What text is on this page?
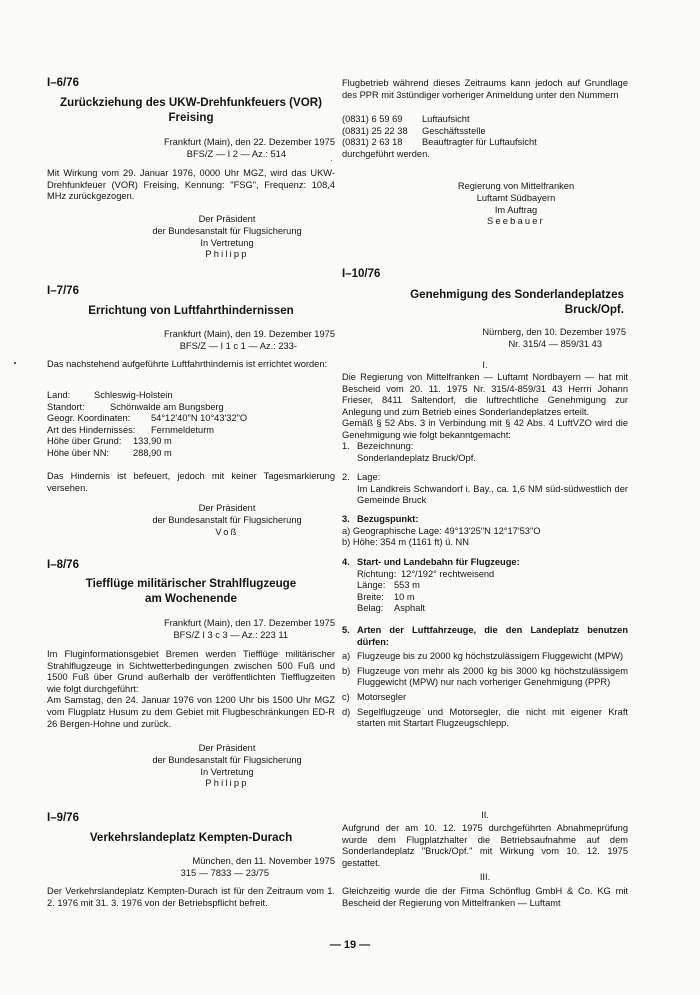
·
I–6/76
Zurückziehung des UKW-Drehfunkfeuers (VOR)
Freising
Frankfurt (Main), den 22. Dezember 1975
BFS/Z — I 2 — Az.: 514

Mit Wirkung vom 29. Januar 1976, 0000 Uhr MGZ, wird das UKW-Drehfunkfeuer (VOR) Freising, Kennung: "FSG", Frequenz: 108,4 MHz zurückgezogen.

Der Präsident
der Bundesanstalt für Flugsicherung
In Vertretung
Philipp
I–7/76
Errichtung von Luftfahrthindernissen
Frankfurt (Main), den 19. Dezember 1975
BFS/Z — I 1 c 1 — Az.: 233-

Das nachstehend aufgeführte Luftfahrthindernis ist errichtet worden:

Land:	Schleswig-Holstein
Standort:	Schönwalde am Bungsberg
Geogr. Koordinaten:	54°12'40"N 10°43'32"O
Art des Hindernisses:	Fernmeldeturm
Höhe über Grund:	133,90 m
Höhe über NN:	288,90 m

Das Hindernis ist befeuert, jedoch mit keiner Tagesmarkierung versehen.

Der Präsident
der Bundesanstalt für Flugsicherung
Voß
I–8/76
Tiefflüge militärischer Strahlflugzeuge
am Wochenende
Frankfurt (Main), den 17. Dezember 1975
BFS/Z I 3 c 3 — Az.: 223 11

Im Fluginformationsgebiet Bremen werden Tiefflüge militärischer Strahlflugzeuge in Sichtwetterbedingungen zwischen 500 Fuß und 1500 Fuß über Grund außerhalb der veröffentlichten Tiefflugzeiten wie folgt durchgeführt:

Am Samstag, den 24. Januar 1976 von 1200 Uhr bis 1500 Uhr MGZ vom Flugplatz Husum zu dem Gebiet mit Flugbeschränkungen ED-R 26 Bergen-Hohne und zurück.

Der Präsident
der Bundesanstalt für Flugsicherung
In Vertretung
Philipp
I–9/76
Verkehrslandeplatz Kempten-Durach
München, den 11. November 1975
315 — 7833 — 23/75

Der Verkehrslandeplatz Kempten-Durach ist für den Zeitraum vom 1. 2. 1976 mit 31. 3. 1976 von der Betriebspflicht befreit.

Flugbetrieb während dieses Zeitraums kann jedoch auf Grundlage des PPR mit 3stündiger vorheriger Anmeldung unter den Nummern

(0831) 6 59 69	Luftaufsicht
(0831) 25 22 38	Geschäftsstelle
(0831) 2 63 18	Beauftragter für Luftaufsicht
durchgeführt werden.
Regierung von Mittelfranken
Luftamt Südbayern
Im Auftrag
Seebauer
I–10/76
Genehmigung des Sonderlandeplatzes
Bruck/Opf.
Nürnberg, den 10. Dezember 1975
Nr. 315/4 — 859/31 43
I.

Die Regierung von Mittelfranken — Luftamt Nordbayern — hat mit Bescheid vom 20. 11. 1975 Nr. 315/4-859/31 43 Herrn Johann Frieser, 8411 Saltendorf, die luftrechtliche Genehmigung zur Anlegung und zum Betrieb eines Sonderlandeplatzes erteilt.

Gemäß § 52 Abs. 3 in Verbindung mit § 42 Abs. 4 LuftVZO wird die Genehmigung wie folgt bekanntgemacht:

1. Bezeichnung:
Sonderlandeplatz Bruck/Opf.
2. Lage:

Im Landkreis Schwandorf i. Bay., ca. 1,6 NM süd-südwestlich der Gemeinde Bruck

3. Bezugspunkt:
a) Geographische Lage: 49°13'25"N 12°17'53"O
b) Höhe: 354 m (1161 ft) ü. NN
4. Start- und Landebahn für Flugzeuge:
Richtung: 12°/192° rechtweisend
Länge: 553 m
Breite:	10 m
Belag:	Asphalt
5. Arten der Luftfahrzeuge, die den Landeplatz benutzen dürfen:

a) Flugzeuge bis zu 2000 kg höchstzulässigem Fluggewicht (MPW)

b) Flugzeuge von mehr als 2000 kg bis 3000 kg höchstzulässigem Fluggewicht (MPW) nur nach vorheriger Genehmigung (PPR)

c) Motorsegler

d) Segelflugzeuge und Motorsegler, die nicht mit eigener Kraft starten mit Startart Flugzeugschlepp.

II.

Aufgrund der am 10. 12. 1975 durchgeführten Abnahmeprüfung wurde dem Flugplatzhalter die Betriebsaufnahme auf dem Sonderlandeplatz "Bruck/Opf." mit Wirkung vom 10. 12. 1975 gestattet.

III.

Gleichzeitig wurde die der Firma Schönflug GmbH & Co. KG mit Bescheid der Regierung von Mittelfranken — Luftamt

— 19 —
